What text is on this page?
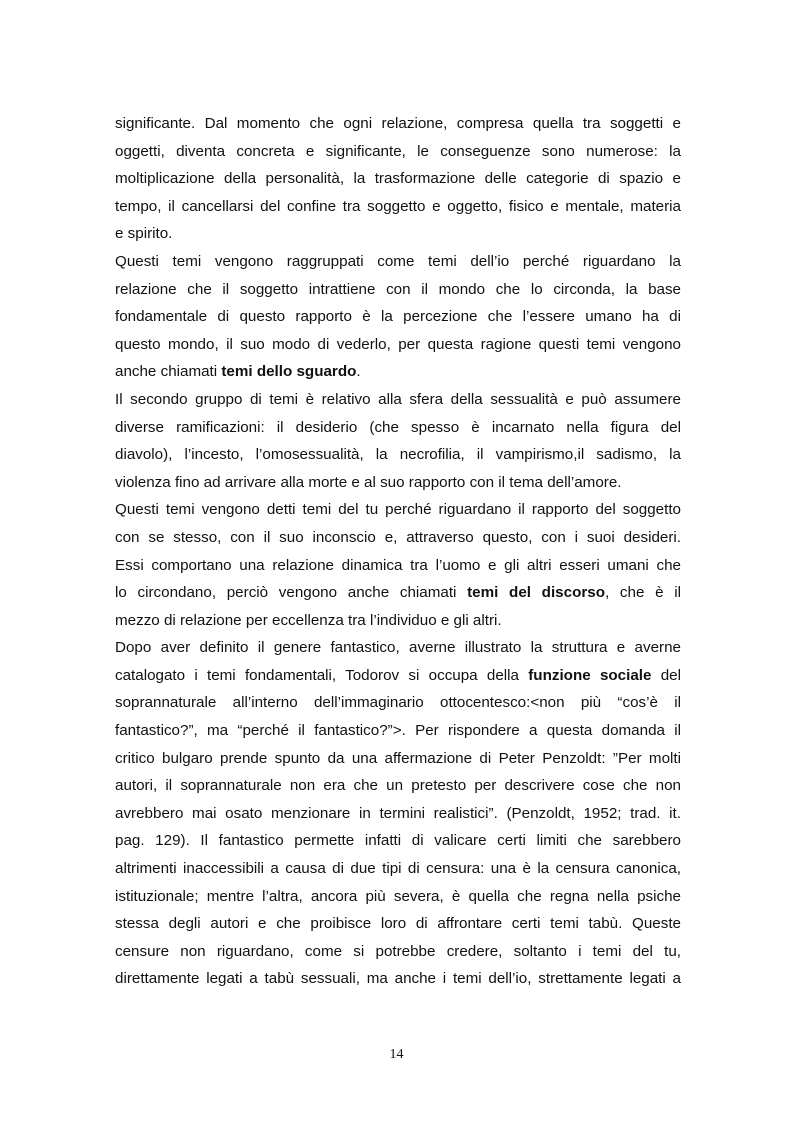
significante. Dal momento che ogni relazione, compresa quella tra soggetti e
oggetti, diventa concreta e significante, le conseguenze sono numerose: la
moltiplicazione della personalità, la trasformazione delle categorie di spazio e
tempo, il cancellarsi del confine tra soggetto e oggetto, fisico e mentale, materia
e spirito.
Questi temi vengono raggruppati come temi dell’io perché riguardano la
relazione che il soggetto intrattiene con il mondo che lo circonda, la base
fondamentale di questo rapporto è la percezione che l’essere umano ha di
questo mondo, il suo modo di vederlo, per questa ragione questi temi vengono
anche chiamati temi dello sguardo.
Il secondo gruppo di temi è relativo alla sfera della sessualità e può assumere
diverse ramificazioni: il desiderio (che spesso è incarnato nella figura del
diavolo), l’incesto, l’omosessualità, la necrofilia, il vampirismo,il sadismo, la
violenza fino ad arrivare alla morte e al suo rapporto con il tema dell’amore.
Questi temi vengono detti temi del tu perché riguardano il rapporto del soggetto
con se stesso, con il suo inconscio e, attraverso questo, con i suoi desideri.
Essi comportano una relazione dinamica tra l’uomo e gli altri esseri umani che
lo circondano, perciò vengono anche chiamati temi del discorso, che è il
mezzo di relazione per eccellenza tra l’individuo e gli altri.
Dopo aver definito il genere fantastico, averne illustrato la struttura e averne
catalogato i temi fondamentali, Todorov si occupa della funzione sociale del
soprannaturale all’interno dell’immaginario ottocentesco:<non più “cos’è il
fantastico?”, ma “perché il fantastico?”>. Per rispondere a questa domanda il
critico bulgaro prende spunto da una affermazione di Peter Penzoldt: ”Per molti
autori, il soprannaturale non era che un pretesto per descrivere cose che non
avrebbero mai osato menzionare in termini realistici”. (Penzoldt, 1952; trad. it.
pag. 129). Il fantastico permette infatti di valicare certi limiti che sarebbero
altrimenti inaccessibili a causa di due tipi di censura: una è la censura canonica,
istituzionale; mentre l’altra, ancora più severa, è quella che regna nella psiche
stessa degli autori e che proibisce loro di affrontare certi temi tabù. Queste
censure non riguardano, come si potrebbe credere, soltanto i temi del tu,
direttamente legati a tabù sessuali, ma anche i temi dell’io, strettamente legati a
14
